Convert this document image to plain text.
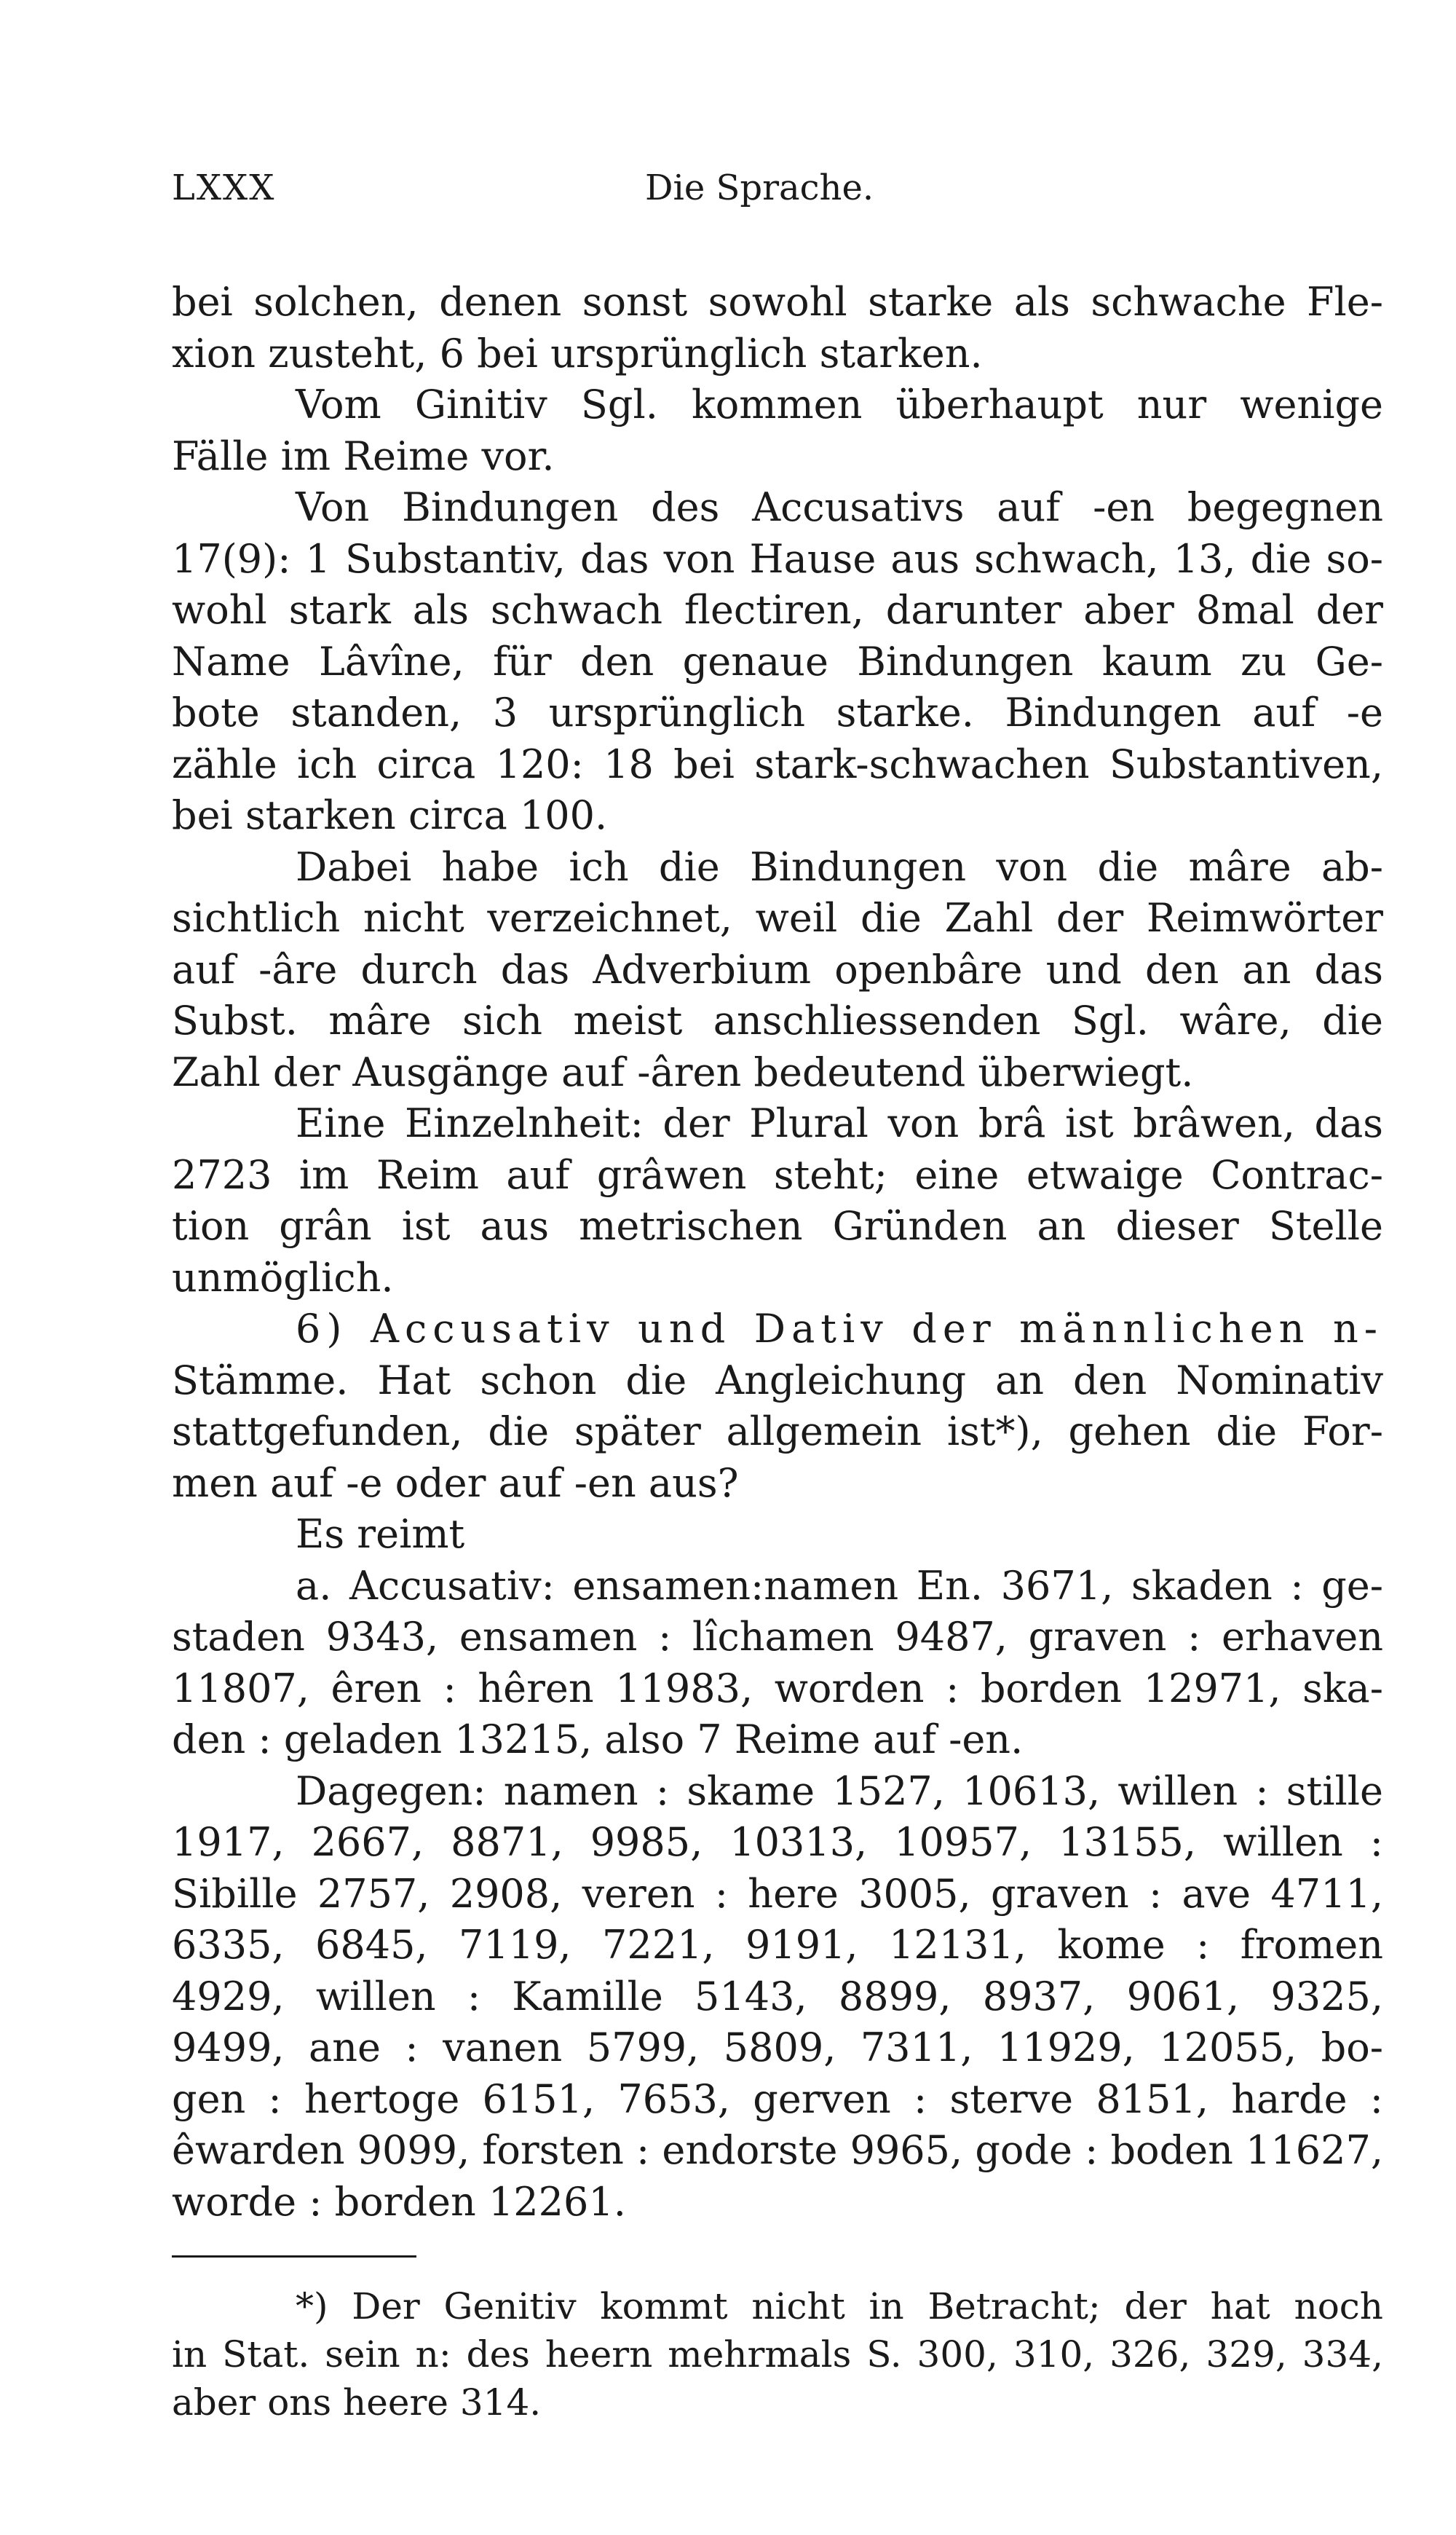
LXXX	Die Sprache.

bei solchen, denen sonst sowohl starke als schwache Fle-

xion zusteht, 6 bei ursprünglich starken.

Vom Ginitiv Sgl. kommen überhaupt nur wenige

Fälle im Reime vor.

Von Bindungen des Accusativs auf -en begegnen

17(9): 1 Substantiv, das von Hause aus schwach, 13, die so-

wohl stark als schwach flectiren, darunter aber 8mal der

Name Lâvîne, für den genaue Bindungen kaum zu Ge-

bote standen, 3 ursprünglich starke. Bindungen auf -e

zähle ich circa 120: 18 bei stark-schwachen Substantiven,

bei starken circa 100.

Dabei habe ich die Bindungen von die mâre ab-

sichtlich nicht verzeichnet, weil die Zahl der Reimwörter

auf -âre durch das Adverbium openbâre und den an das

Subst. mâre sich meist anschliessenden Sgl. wâre, die

Zahl der Ausgänge auf -âren bedeutend überwiegt.

Eine Einzelnheit: der Plural von brâ ist brâwen, das

2723 im Reim auf grâwen steht; eine etwaige Contrac-

tion grân ist aus metrischen Gründen an dieser Stelle

unmöglich.

6) Accusativ und Dativ der männlichen n-

Stämme. Hat schon die Angleichung an den Nominativ

stattgefunden, die später allgemein ist*), gehen die For-

men auf -e oder auf -en aus?

Es reimt

a. Accusativ: ensamen:namen En. 3671, skaden : ge-

staden 9343, ensamen : lîchamen 9487, graven : erhaven

11807, êren : hêren 11983, worden : borden 12971, ska-

den : geladen 13215, also 7 Reime auf -en.

Dagegen: namen : skame 1527, 10613, willen : stille

1917, 2667, 8871, 9985, 10313, 10957, 13155, willen :

Sibille 2757, 2908, veren : here 3005, graven : ave 4711,

6335, 6845, 7119, 7221, 9191, 12131, kome : fromen

4929, willen : Kamille 5143, 8899, 8937, 9061, 9325,

9499, ane : vanen 5799, 5809, 7311, 11929, 12055, bo-

gen : hertoge 6151, 7653, gerven : sterve 8151, harde :

êwarden 9099, forsten : endorste 9965, gode : boden 11627,

worde : borden 12261.

*) Der Genitiv kommt nicht in Betracht; der hat noch

in Stat. sein n: des heern mehrmals S. 300, 310, 326, 329, 334,

aber ons heere 314.
